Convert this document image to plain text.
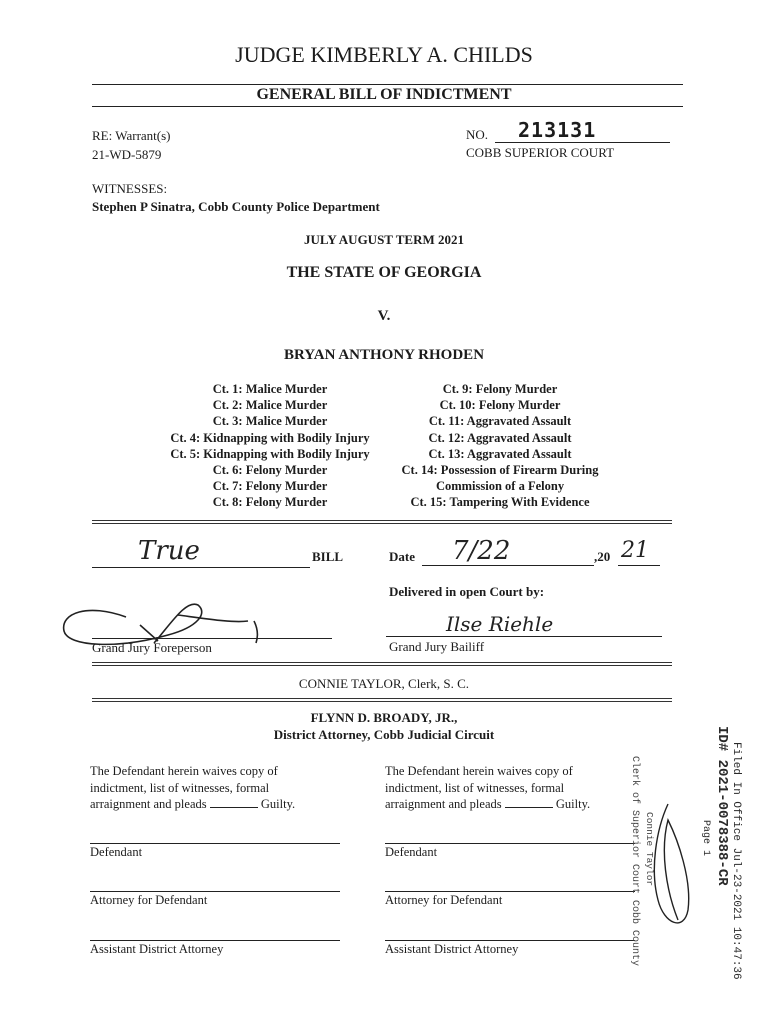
JUDGE KIMBERLY A. CHILDS
GENERAL BILL OF INDICTMENT
RE: Warrant(s)
21-WD-5879
NO. 213131
COBB SUPERIOR COURT
WITNESSES:
Stephen P Sinatra, Cobb County Police Department
JULY AUGUST TERM 2021
THE STATE OF GEORGIA
V.
BRYAN ANTHONY RHODEN
Ct. 1: Malice Murder
Ct. 2: Malice Murder
Ct. 3: Malice Murder
Ct. 4: Kidnapping with Bodily Injury
Ct. 5: Kidnapping with Bodily Injury
Ct. 6: Felony Murder
Ct. 7: Felony Murder
Ct. 8: Felony Murder
Ct. 9: Felony Murder
Ct. 10: Felony Murder
Ct. 11: Aggravated Assault
Ct. 12: Aggravated Assault
Ct. 13: Aggravated Assault
Ct. 14: Possession of Firearm During
Commission of a Felony
Ct. 15: Tampering With Evidence
True	BILL	Date 7/22	,20 21
Delivered in open Court by:
Grand Jury Foreperson
Ilse Riehle
Grand Jury Bailiff
CONNIE TAYLOR, Clerk, S. C.
FLYNN D. BROADY, JR.,
District Attorney, Cobb Judicial Circuit
The Defendant herein waives copy of
indictment, list of witnesses, formal
arraignment and pleads	Guilty.
The Defendant herein waives copy of
indictment, list of witnesses, formal
arraignment and pleads	Guilty.
Defendant
Attorney for Defendant
Assistant District Attorney
Defendant
Attorney for Defendant
Assistant District Attorney
ID# 2021-0078388-CR Filed In Office Jul-23-2021 10:47:36
Page 1
Clerk of Superior Court Cobb County Connie Taylor
